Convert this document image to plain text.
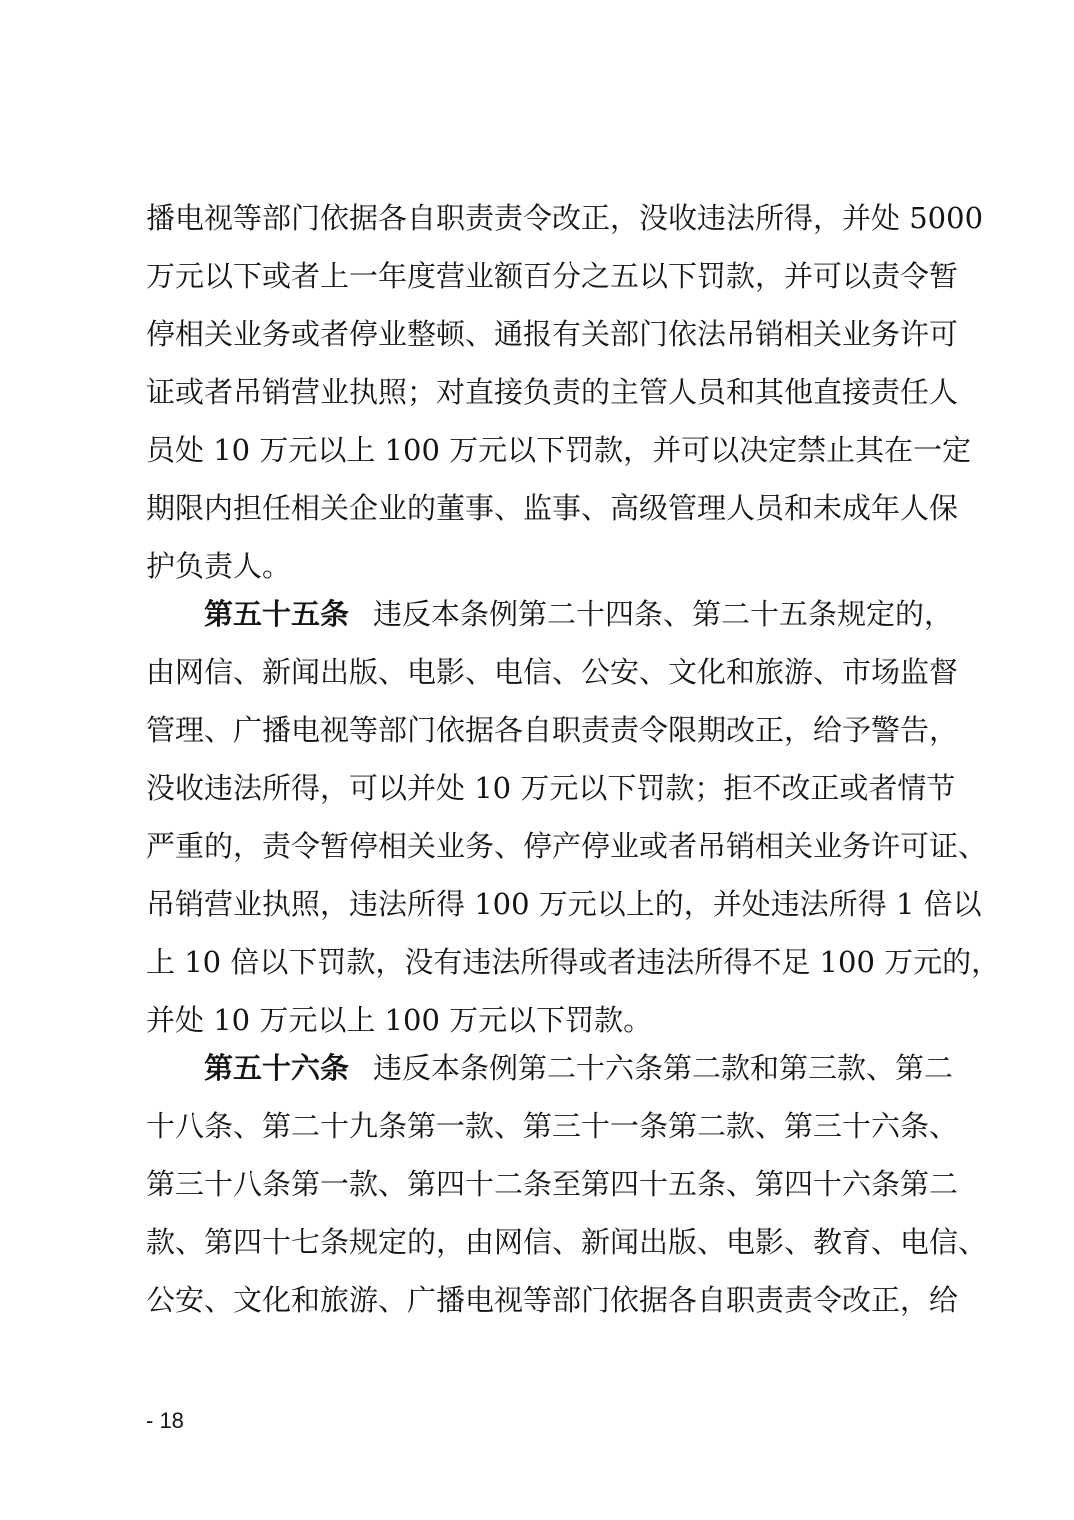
播电视等部门依据各自职责责令改正，没收违法所得，并处 5000
万元以下或者上一年度营业额百分之五以下罚款，并可以责令暂
停相关业务或者停业整顿、通报有关部门依法吊销相关业务许可
证或者吊销营业执照；对直接负责的主管人员和其他直接责任人
员处 10 万元以上 100 万元以下罚款，并可以决定禁止其在一定
期限内担任相关企业的董事、监事、高级管理人员和未成年人保
护负责人。
第五十五条 违反本条例第二十四条、第二十五条规定的，
由网信、新闻出版、电影、电信、公安、文化和旅游、市场监督
管理、广播电视等部门依据各自职责责令限期改正，给予警告，
没收违法所得，可以并处 10 万元以下罚款；拒不改正或者情节
严重的，责令暂停相关业务、停产停业或者吊销相关业务许可证、
吊销营业执照，违法所得 100 万元以上的，并处违法所得 1 倍以
上 10 倍以下罚款，没有违法所得或者违法所得不足 100 万元的，
并处 10 万元以上 100 万元以下罚款。
第五十六条 违反本条例第二十六条第二款和第三款、第二
十八条、第二十九条第一款、第三十一条第二款、第三十六条、
第三十八条第一款、第四十二条至第四十五条、第四十六条第二
款、第四十七条规定的，由网信、新闻出版、电影、教育、电信、
公安、文化和旅游、广播电视等部门依据各自职责责令改正，给
- 18
